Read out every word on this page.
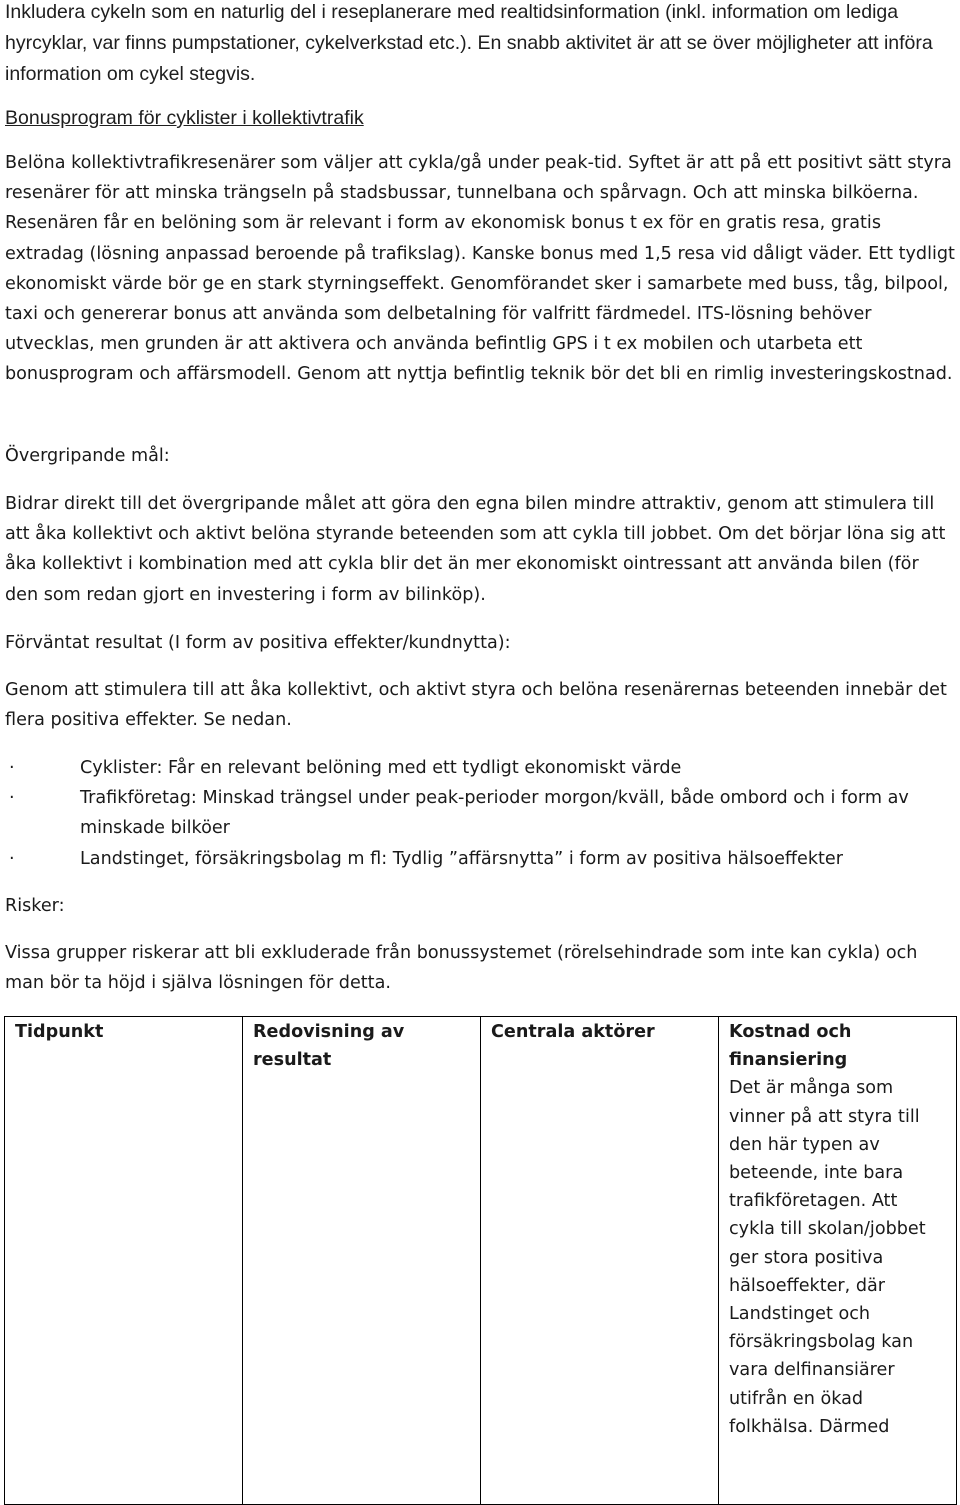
Inkludera cykeln som en naturlig del i reseplanerare med realtidsinformation (inkl. information om lediga hyrcyklar, var finns pumpstationer, cykelverkstad etc.). En snabb aktivitet är att se över möjligheter att införa information om cykel stegvis.

Bonusprogram för cyklister i kollektivtrafik

Belöna kollektivtrafikresenärer som väljer att cykla/gå under peak-tid. Syftet är att på ett positivt sätt styra resenärer för att minska trängseln på stadsbussar, tunnelbana och spårvagn. Och att minska bilköerna. Resenären får en belöning som är relevant i form av ekonomisk bonus t ex för en gratis resa, gratis extradag (lösning anpassad beroende på trafikslag). Kanske bonus med 1,5 resa vid dåligt väder. Ett tydligt ekonomiskt värde bör ge en stark styrningseffekt. Genomförandet sker i samarbete med buss, tåg, bilpool, taxi och genererar bonus att använda som delbetalning för valfritt färdmedel. ITS-lösning behöver utvecklas, men grunden är att aktivera och använda befintlig GPS i t ex mobilen och utarbeta ett bonusprogram och affärsmodell. Genom att nyttja befintlig teknik bör det bli en rimlig investeringskostnad.

Övergripande mål:

Bidrar direkt till det övergripande målet att göra den egna bilen mindre attraktiv, genom att stimulera till att åka kollektivt och aktivt belöna styrande beteenden som att cykla till jobbet. Om det börjar löna sig att åka kollektivt i kombination med att cykla blir det än mer ekonomiskt ointressant att använda bilen (för den som redan gjort en investering i form av bilinköp).

Förväntat resultat (I form av positiva effekter/kundnytta):

Genom att stimulera till att åka kollektivt, och aktivt styra och belöna resenärernas beteenden innebär det flera positiva effekter. Se nedan.

·	Cyklister: Får en relevant belöning med ett tydligt ekonomiskt värde
·	Trafikföretag: Minskad trängsel under peak-perioder morgon/kväll, både ombord och i form av minskade bilköer
·	Landstinget, försäkringsbolag m fl: Tydlig ”affärsnytta” i form av positiva hälsoeffekter

Risker:

Vissa grupper riskerar att bli exkluderade från bonussystemet (rörelsehindrade som inte kan cykla) och man bör ta höjd i själva lösningen för detta.

Tidpunkt	Redovisning av resultat	Centrala aktörer	Kostnad och finansiering
			Det är många som vinner på att styra till den här typen av beteende, inte bara trafikföretagen. Att cykla till skolan/jobbet ger stora positiva hälsoeffekter, där Landstinget och försäkringsbolag kan vara delfinansiärer utifrån en ökad folkhälsa. Därmed
